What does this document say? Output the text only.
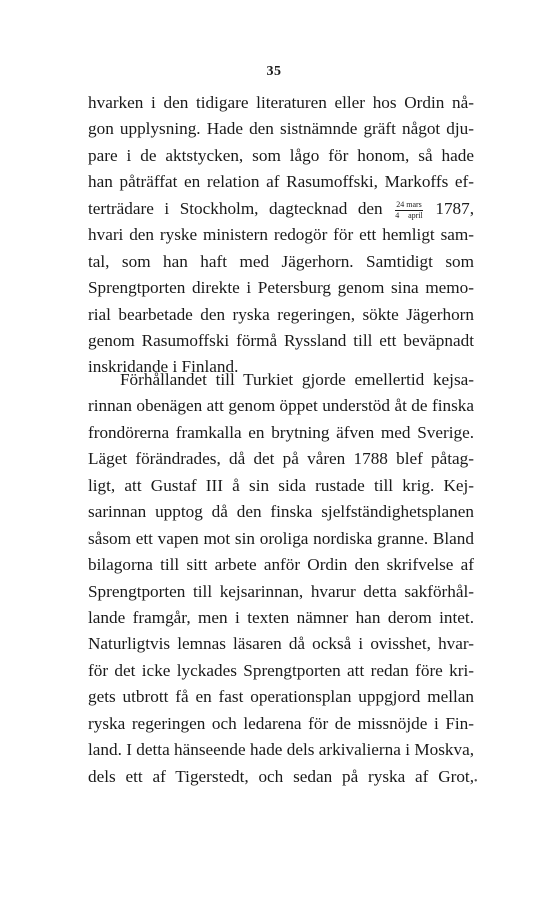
35
hvarken i den tidigare literaturen eller hos Ordin nå-
gon upplysning. Hade den sistnämnde gräft något dju-
pare i de aktstycken, som lågo för honom, så hade
han påträffat en relation af Rasumoffski, Markoffs ef-
terträdare i Stockholm, dagtecknad den $\frac{\text{24 mars}}{\text{4 april}} 1787$,
hvari den ryske ministern redogör för ett hemligt sam-
tal, som han haft med Jägerhorn. Samtidigt som
Sprengtporten direkte i Petersburg genom sina memo-
rial bearbetade den ryska regeringen, sökte Jägerhorn
genom Rasumoffski förmå Ryssland till ett beväpnadt
inskridande i Finland.
Förhållandet till Turkiet gjorde emellertid kejsa-
rinnan obenägen att genom öppet understöd åt de finska
frondörerna framkalla en brytning äfven med Sverige.
Läget förändrades, då det på våren 1788 blef påtag-
ligt, att Gustaf III å sin sida rustade till krig. Kej-
sarinnan upptog då den finska sjelfständighetsplanen
såsom ett vapen mot sin oroliga nordiska granne. Bland
bilagorna till sitt arbete anför Ordin den skrifvelse af
Sprengtporten till kejsarinnan, hvarur detta sakförhål-
lande framgår, men i texten nämner han derom intet.
Naturligtvis lemnas läsaren då också i ovisshet, hvar-
för det icke lyckades Sprengtporten att redan före kri-
gets utbrott få en fast operationsplan uppgjord mellan
ryska regeringen och ledarena för de missnöjde i Fin-
land. I detta hänseende hade dels arkivalierna i Moskva,
dels ett af Tigerstedt, och sedan på ryska af Grot, •
